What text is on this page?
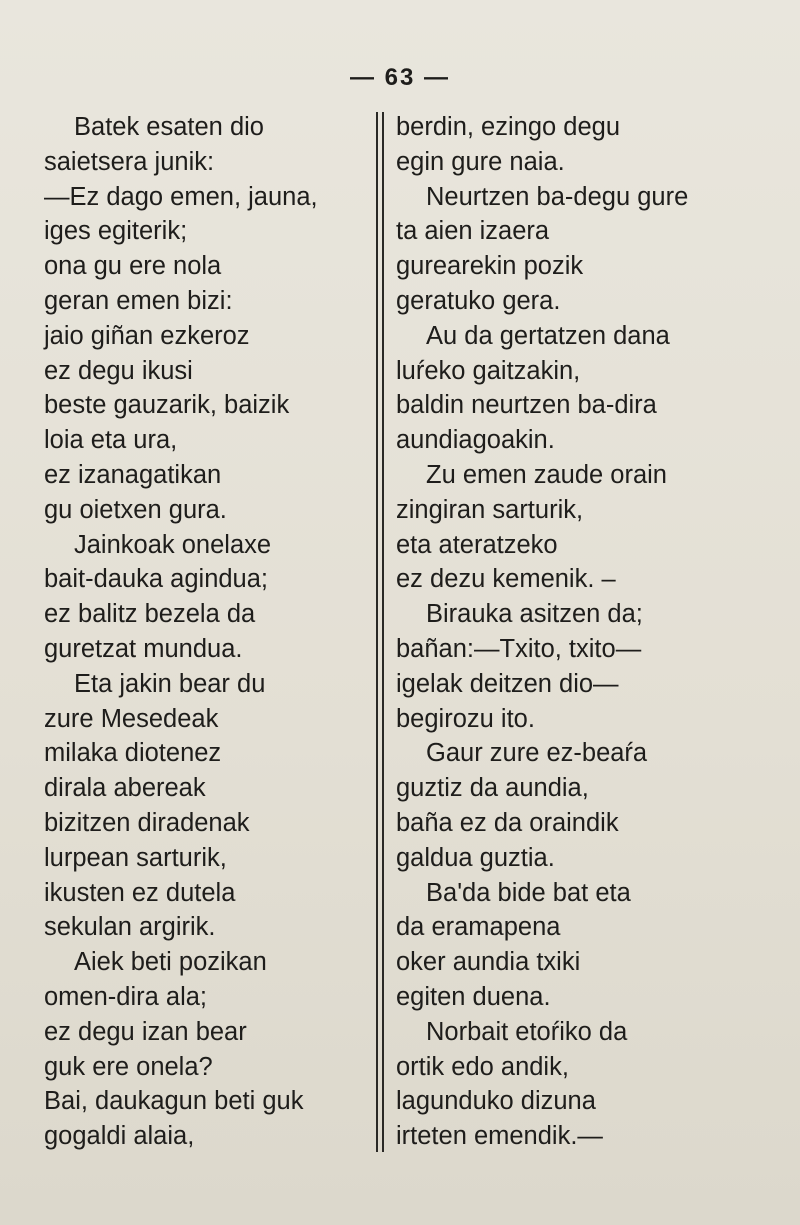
— 63 —
Batek esaten dio
saietsera junik:
—Ez dago emen, jauna,
iges egiterik;
ona gu ere nola
geran emen bizi:
jaio giñan ezkeroz
ez degu ikusi
beste gauzarik, baizik
loia eta ura,
ez izanagatikan
gu oietxen gura.
Jainkoak onelaxe
bait-dauka agindua;
ez balitz bezela da
guretzat mundua.
Eta jakin bear du
zure Mesedeak
milaka diotenez
dirala abereak
bizitzen diradenak
lurpean sarturik,
ikusten ez dutela
sekulan argirik.
Aiek beti pozikan
omen-dira ala;
ez degu izan bear
guk ere onela?
Bai, daukagun beti guk
gogaldi alaia,
berdin, ezingo degu
egin gure naia.
Neurtzen ba-degu gure
ta aien izaera
gurearekin pozik
geratuko gera.
Au da gertatzen dana
luŕeko gaitzakin,
baldin neurtzen ba-dira
aundiagoakin.
Zu emen zaude orain
zingiran sarturik,
eta ateratzeko
ez dezu kemenik. –
Birauka asitzen da;
bañan:—Txito, txito—
igelak deitzen dio—
begirozu ito.
Gaur zure ez-beaŕa
guztiz da aundia,
baña ez da oraindik
galdua guztia.
Ba'da bide bat eta
da eramapena
oker aundia txiki
egiten duena.
Norbait etoŕiko da
ortik edo andik,
lagunduko dizuna
irteten emendik.—
